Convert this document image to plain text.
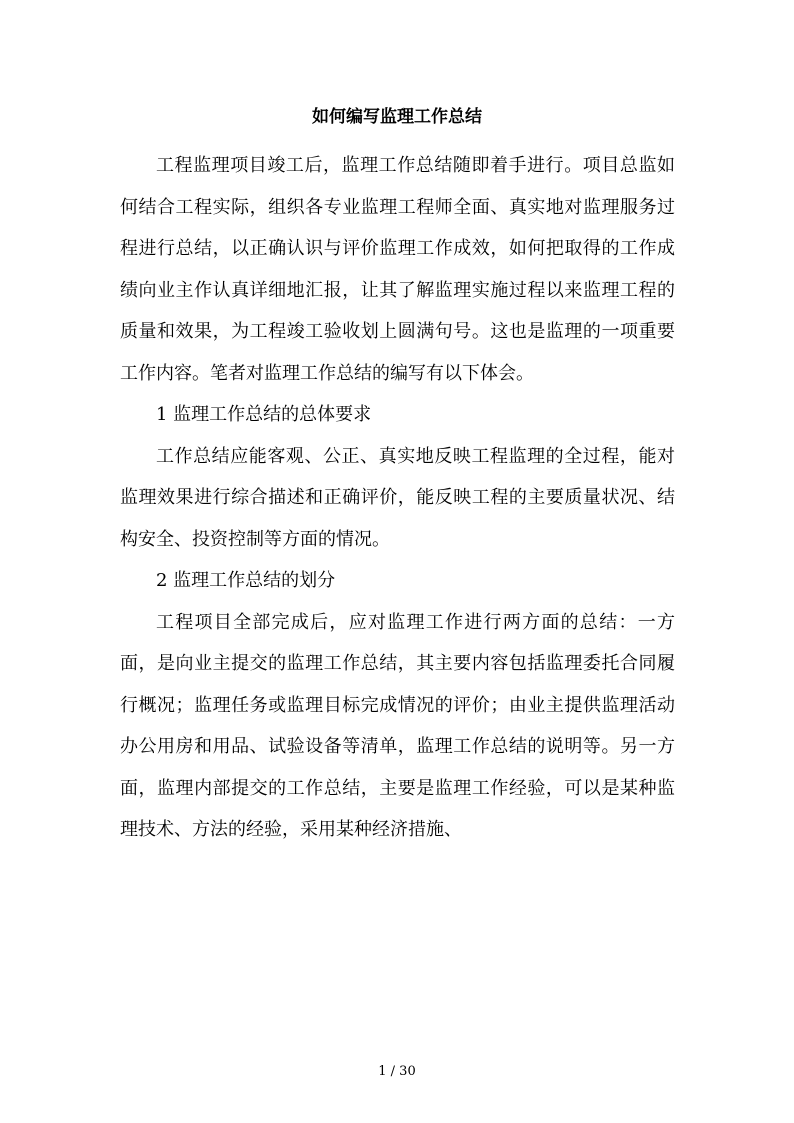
如何编写监理工作总结

工程监理项目竣工后，监理工作总结随即着手进行。项目总监如何结合工程实际，组织各专业监理工程师全面、真实地对监理服务过程进行总结，以正确认识与评价监理工作成效，如何把取得的工作成绩向业主作认真详细地汇报，让其了解监理实施过程以来监理工程的质量和效果，为工程竣工验收划上圆满句号。这也是监理的一项重要工作内容。笔者对监理工作总结的编写有以下体会。

1 监理工作总结的总体要求

工作总结应能客观、公正、真实地反映工程监理的全过程，能对监理效果进行综合描述和正确评价，能反映工程的主要质量状况、结构安全、投资控制等方面的情况。

2 监理工作总结的划分

工程项目全部完成后，应对监理工作进行两方面的总结：一方面，是向业主提交的监理工作总结，其主要内容包括监理委托合同履行概况；监理任务或监理目标完成情况的评价；由业主提供监理活动办公用房和用品、试验设备等清单，监理工作总结的说明等。另一方面，监理内部提交的工作总结，主要是监理工作经验，可以是某种监理技术、方法的经验，采用某种经济措施、

1 / 30
